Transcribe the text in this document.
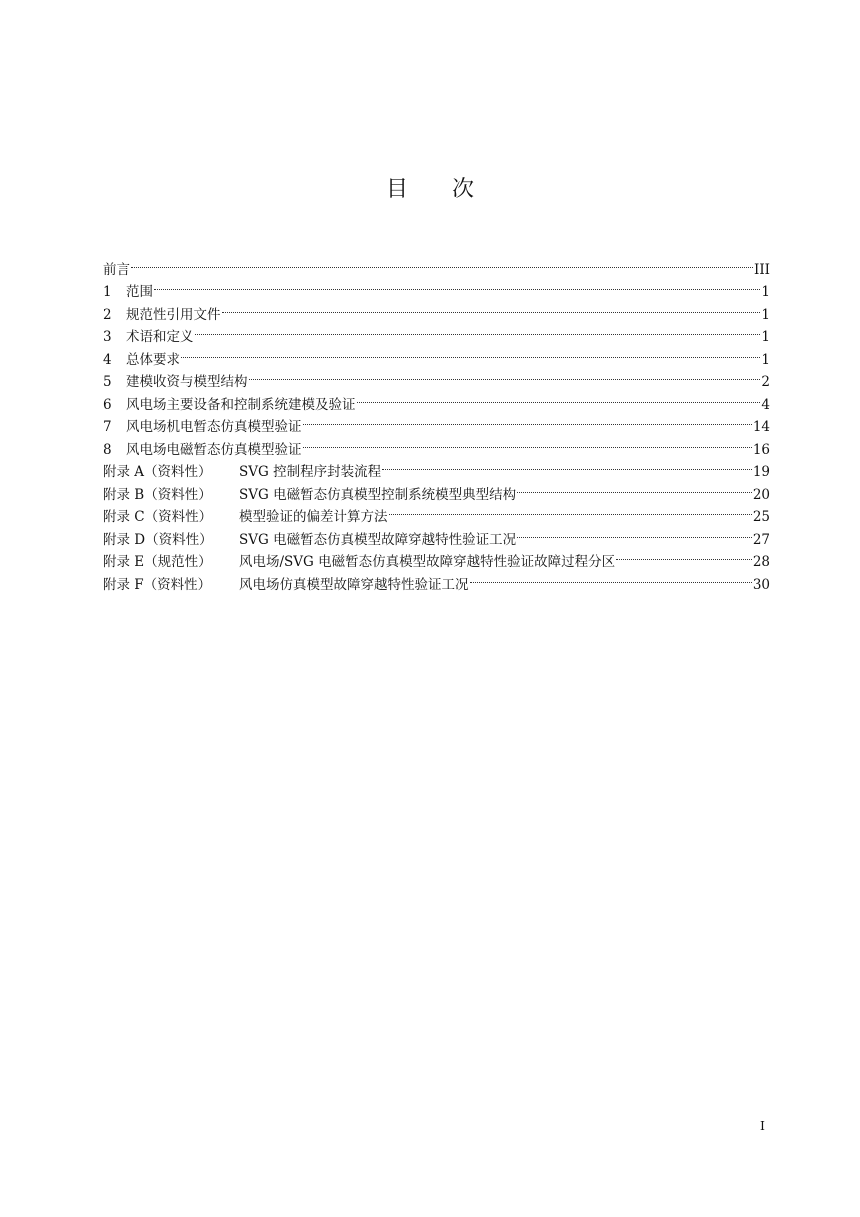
目 次
前言	III
1	范围	1
2	规范性引用文件	1
3	术语和定义	1
4	总体要求	1
5	建模收资与模型结构	2
6	风电场主要设备和控制系统建模及验证	4
7	风电场机电暂态仿真模型验证	14
8	风电场电磁暂态仿真模型验证	16
附录 A（资料性）	SVG 控制程序封装流程	19
附录 B（资料性）	SVG 电磁暂态仿真模型控制系统模型典型结构	20
附录 C（资料性）	模型验证的偏差计算方法	25
附录 D（资料性）	SVG 电磁暂态仿真模型故障穿越特性验证工况	27
附录 E（规范性）	风电场/SVG 电磁暂态仿真模型故障穿越特性验证故障过程分区	28
附录 F（资料性）	风电场仿真模型故障穿越特性验证工况	30
I
